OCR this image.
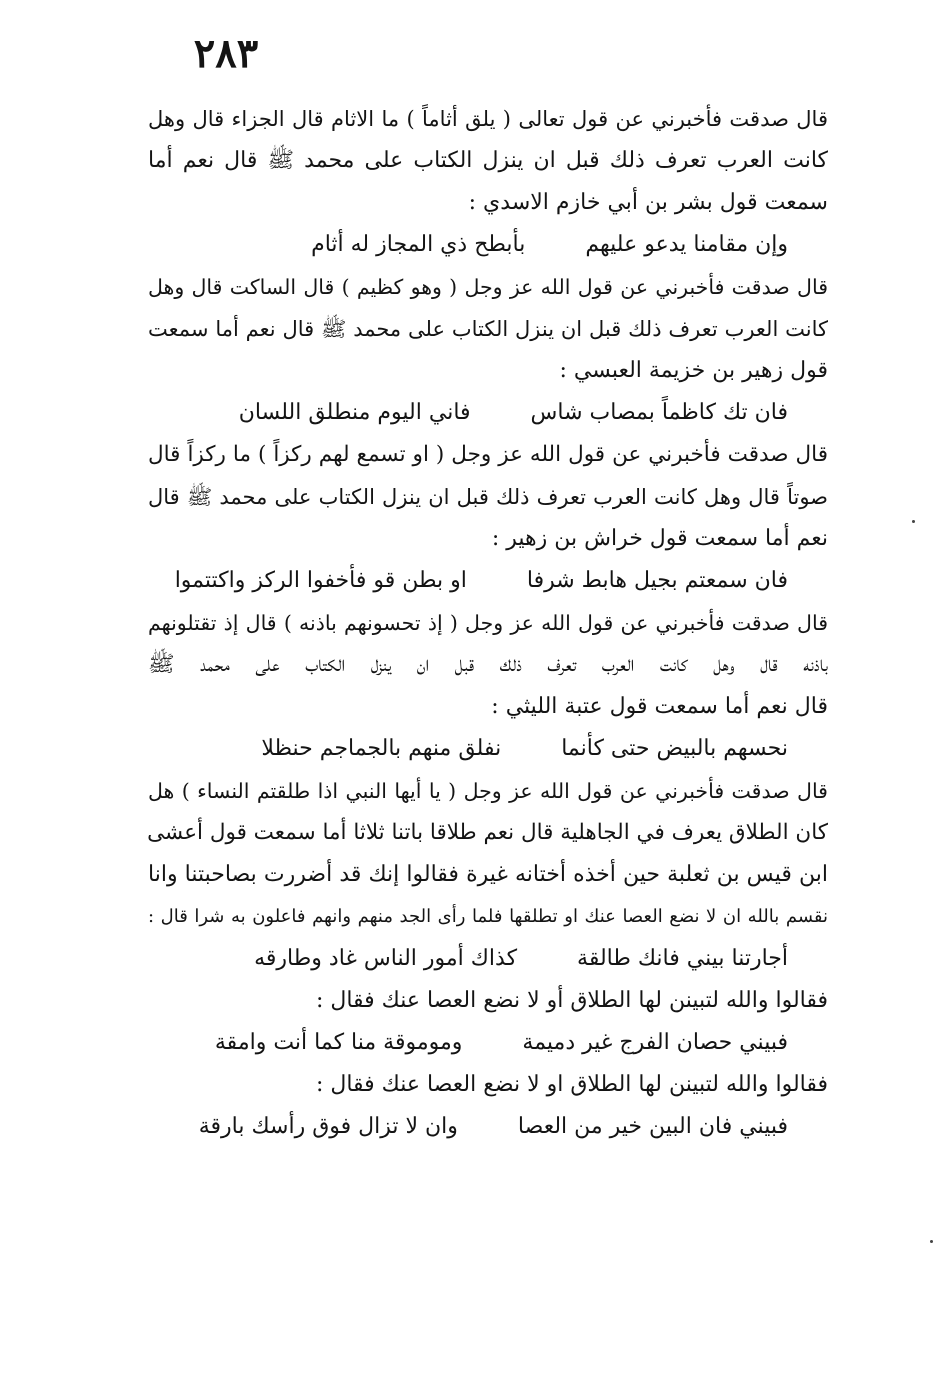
٢٨٣
قال صدقت فأخبرني عن قول تعالى ( يلق أثاماً ) ما الاثام قال الجزاء قال وهل
كانت العرب تعرف ذلك قبل ان ينزل الكتاب على محمد ﷺ قال نعم أما
سمعت قول بشر بن أبي خازم الاسدي :
وإن مقامنا يدعو عليهم
بأبطح ذي المجاز له أثام
قال صدقت فأخبرني عن قول الله عز وجل ( وهو كظيم ) قال الساكت قال وهل
كانت العرب تعرف ذلك قبل ان ينزل الكتاب على محمد ﷺ قال نعم أما سمعت
قول زهير بن خزيمة العبسي :
فان تك كاظماً بمصاب شاس
فاني اليوم منطلق اللسان
قال صدقت فأخبرني عن قول الله عز وجل ( او تسمع لهم ركزاً ) ما ركزاً قال
صوتاً قال وهل كانت العرب تعرف ذلك قبل ان ينزل الكتاب على محمد ﷺ قال
نعم أما سمعت قول خراش بن زهير :
فان سمعتم بجيل هابط شرفا
او بطن قو فأخفوا الركز واكتتموا
قال صدقت فأخبرني عن قول الله عز وجل ( إذ تحسونهم باذنه ) قال إذ تقتلونهم
باذنه قال وهل كانت العرب تعرف ذلك قبل ان ينزل الكتاب على محمد ﷺ
قال نعم أما سمعت قول عتبة الليثي :
نحسهم بالبيض حتى كأنما
نفلق منهم بالجماجم حنظلا
قال صدقت فأخبرني عن قول الله عز وجل ( يا أيها النبي اذا طلقتم النساء ) هل
كان الطلاق يعرف في الجاهلية قال نعم طلاقا باتنا ثلاثا أما سمعت قول أعشى
ابن قيس بن ثعلبة حين أخذه أختانه غيرة فقالوا إنك قد أضررت بصاحبتنا وانا
نقسم بالله ان لا نضع العصا عنك او تطلقها فلما رأى الجد منهم وانهم فاعلون به شرا قال :
أجارتنا بيني فانك طالقة
كذاك أمور الناس غاد وطارقه
فقالوا والله لتبينن لها الطلاق أو لا نضع العصا عنك فقال :
فبيني حصان الفرج غير دميمة
وموموقة منا كما أنت وامقة
فقالوا والله لتبينن لها الطلاق او لا نضع العصا عنك فقال :
فبيني فان البين خير من العصا
وان لا تزال فوق رأسك بارقة
